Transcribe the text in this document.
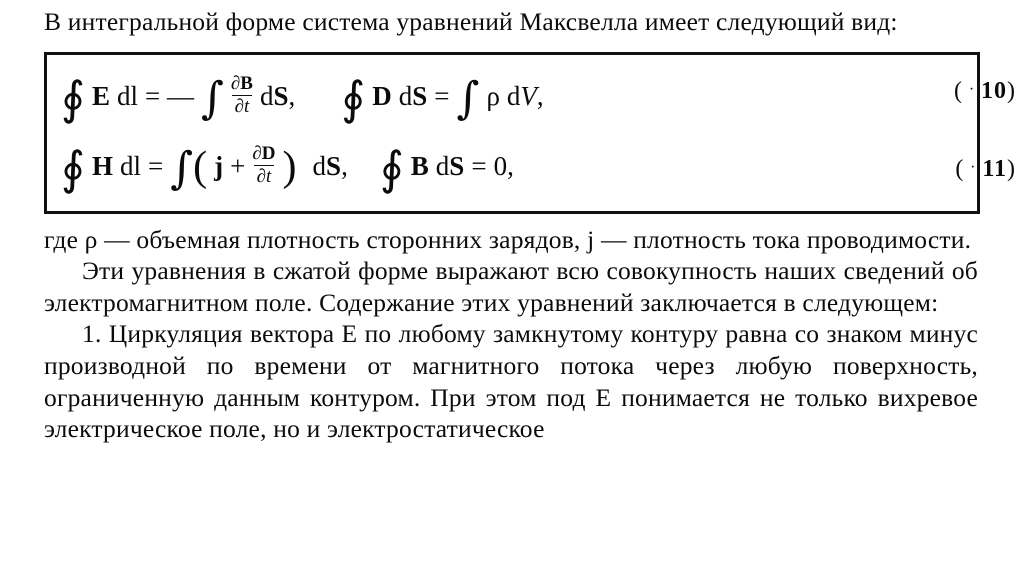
В интегральной форме система уравнений Максвелла имеет следующий вид:

∮ E dl = — ∫ $\frac{\partial B}{\partial t}$ dS, ∮ D dS = ∫ ρ dV,
∮ H dl = ∫ ( $j + \frac{\partial D}{\partial t}$ ) dS, ∮ B dS = 0,
( · 10)
( · 11)

где ρ — объемная плотность сторонних зарядов, j — плотность тока проводимости.

Эти уравнения в сжатой форме выражают всю совокупность наших сведений об электромагнитном поле. Содержание этих уравнений заключается в следующем:

1. Циркуляция вектора E по любому замкнутому контуру равна со знаком минус производной по времени от магнитного потока через любую поверхность, ограниченную данным контуром. При этом под E понимается не только вихревое электрическое поле, но и электростатическое
